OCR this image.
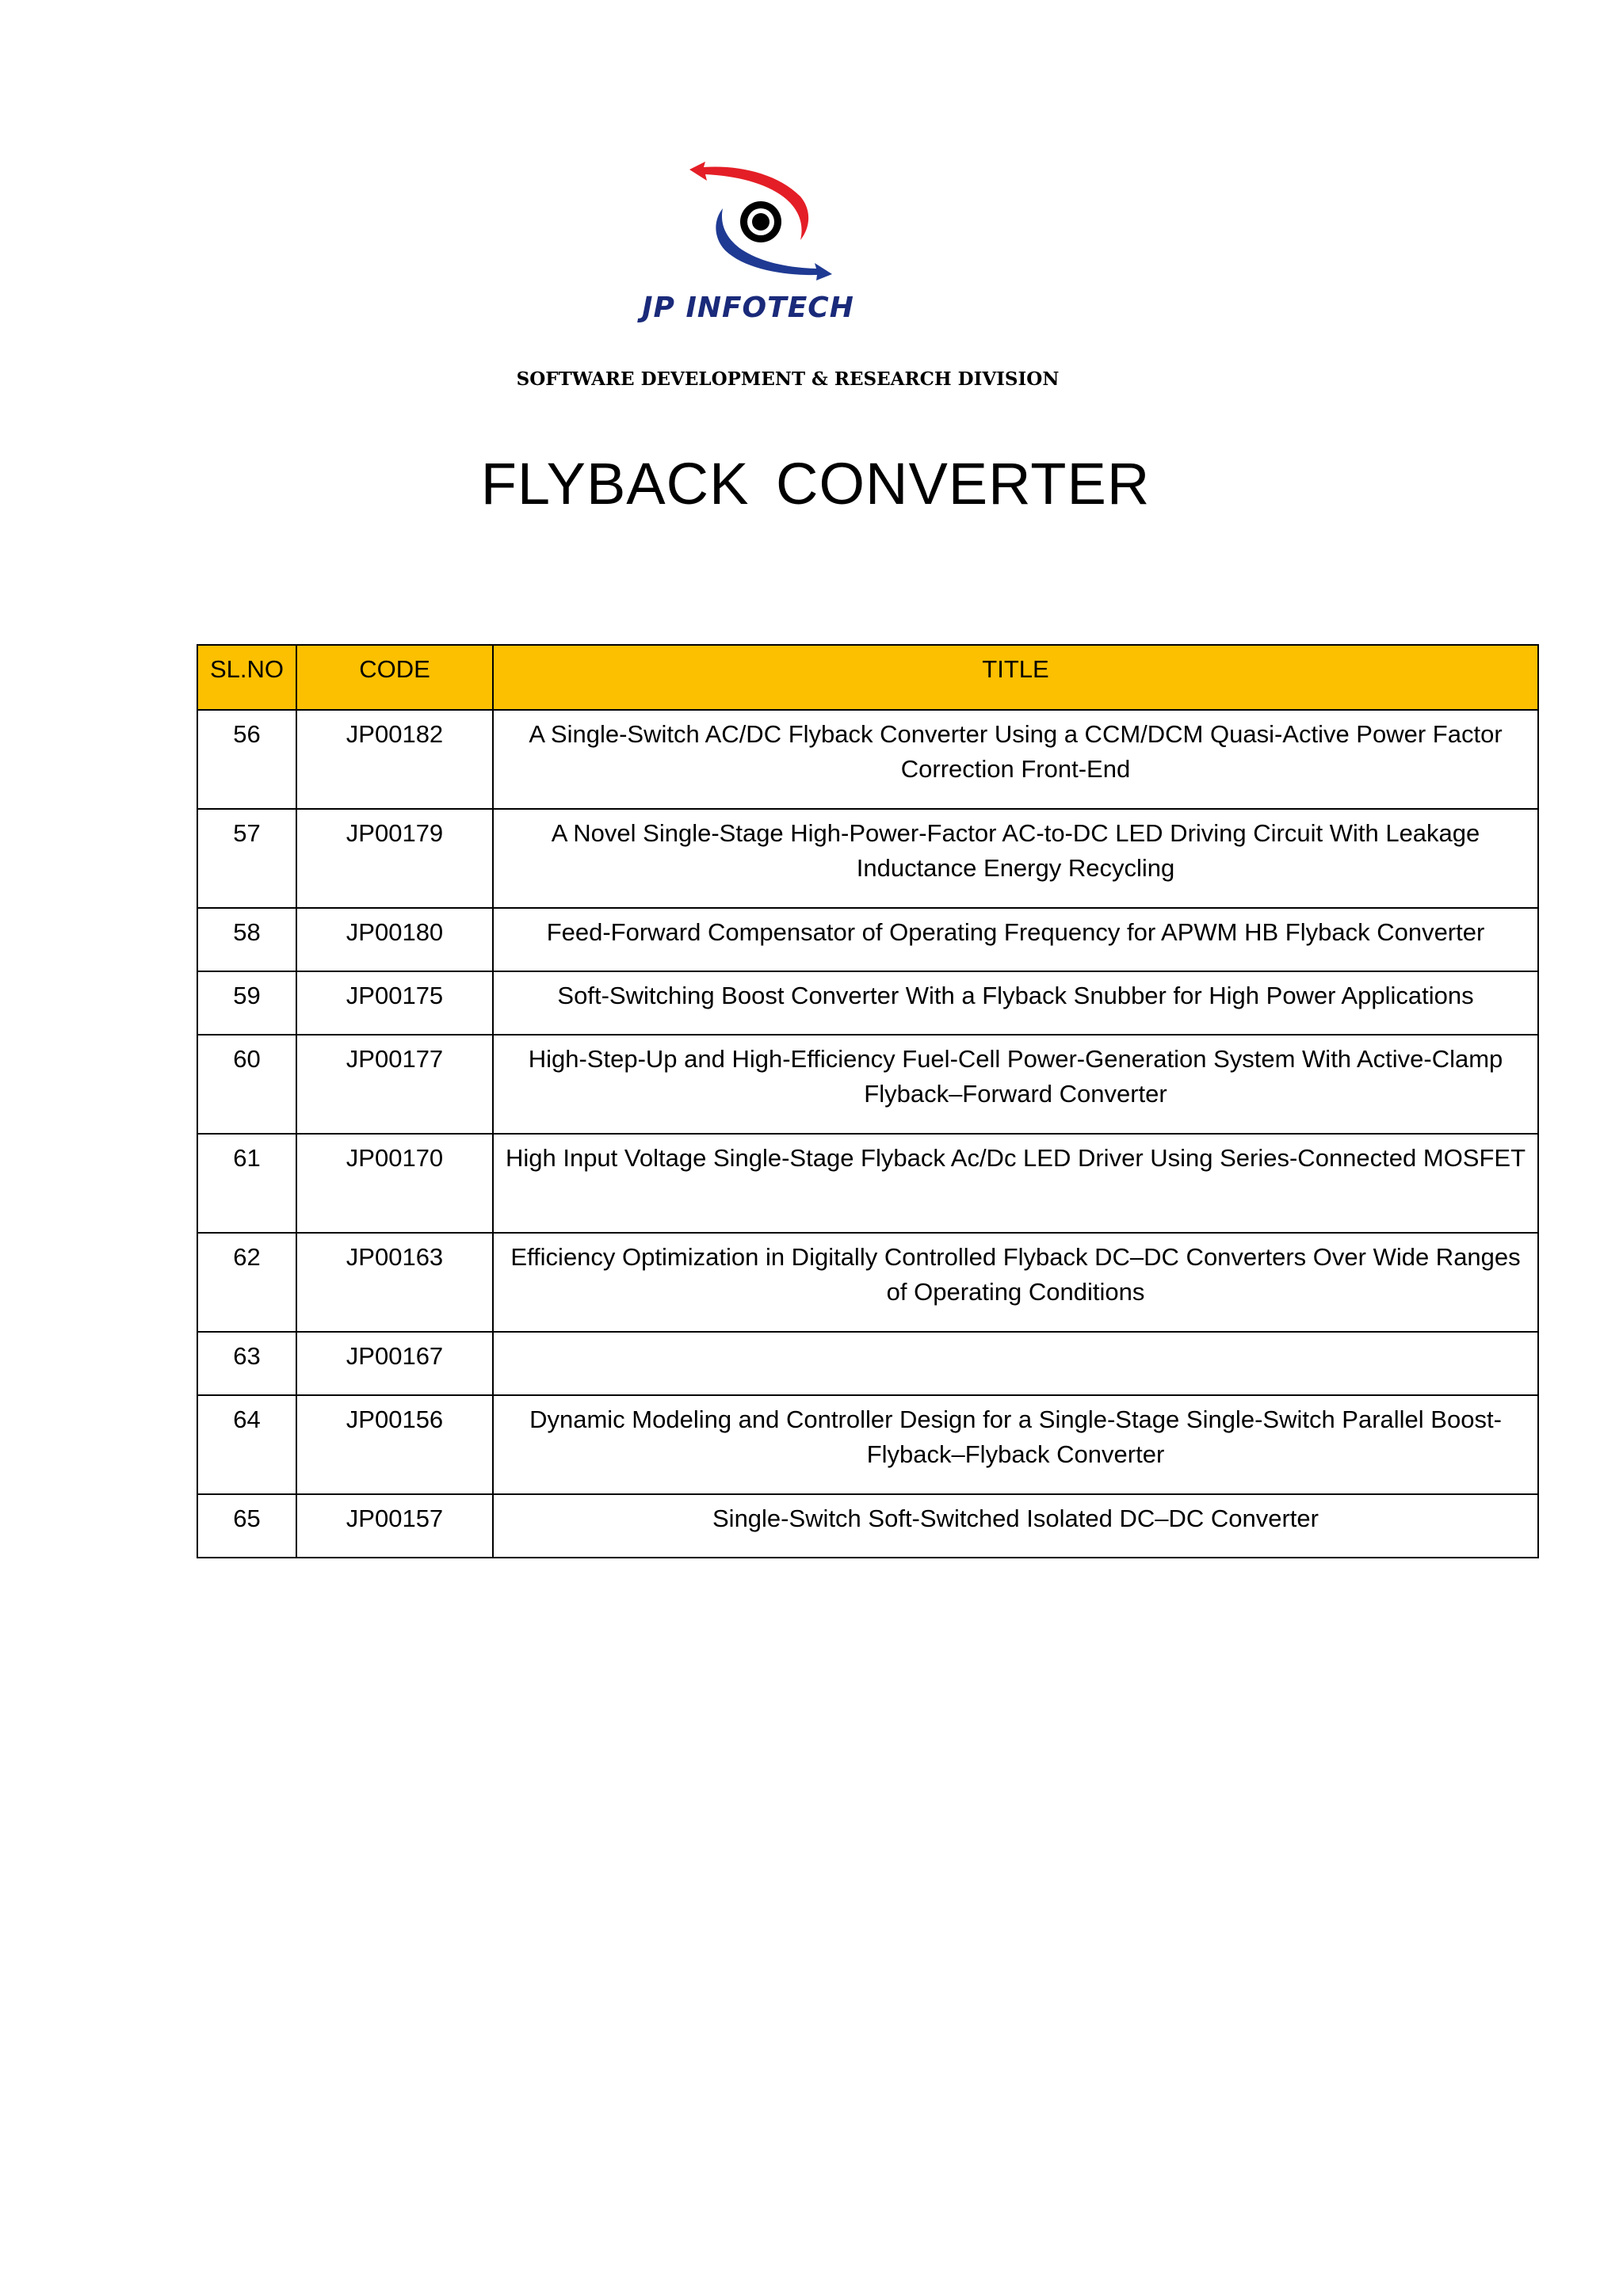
JP INFOTECH
SOFTWARE DEVELOPMENT & RESEARCH DIVISION
FLYBACK CONVERTER
SL.NO	CODE	TITLE
56	JP00182	A Single-Switch AC/DC Flyback Converter Using a CCM/DCM Quasi-Active Power Factor Correction Front-End
57	JP00179	A Novel Single-Stage High-Power-Factor AC-to-DC LED Driving Circuit With Leakage Inductance Energy Recycling
58	JP00180	Feed-Forward Compensator of Operating Frequency for APWM HB Flyback Converter
59	JP00175	Soft-Switching Boost Converter With a Flyback Snubber for High Power Applications
60	JP00177	High-Step-Up and High-Efficiency Fuel-Cell Power-Generation System With Active-Clamp Flyback–Forward Converter
61	JP00170	High Input Voltage Single-Stage Flyback Ac/Dc LED Driver Using Series-Connected MOSFET
62	JP00163	Efficiency Optimization in Digitally Controlled Flyback DC–DC Converters Over Wide Ranges of Operating Conditions
63	JP00167	
64	JP00156	Dynamic Modeling and Controller Design for a Single-Stage Single-Switch Parallel Boost-Flyback–Flyback Converter
65	JP00157	Single-Switch Soft-Switched Isolated DC–DC Converter
